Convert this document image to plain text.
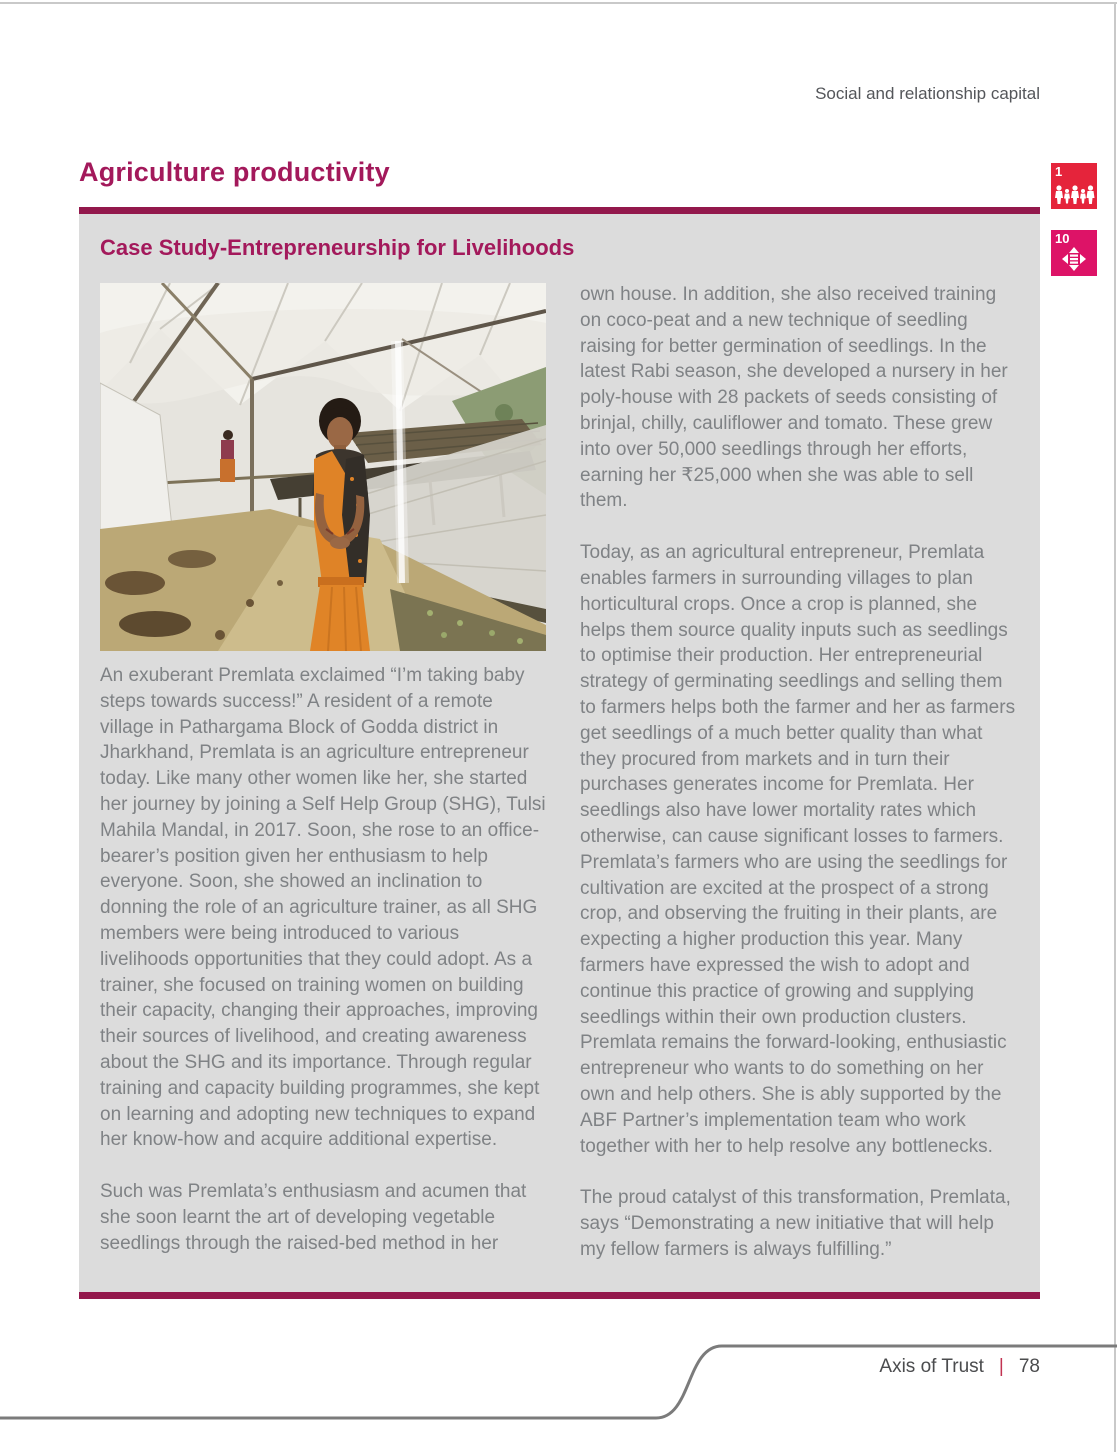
Social and relationship capital
Agriculture productivity
Case Study-Entrepreneurship for Livelihoods

An exuberant Premlata exclaimed “I’m taking baby steps towards success!” A resident of a remote village in Pathargama Block of Godda district in Jharkhand, Premlata is an agriculture entrepreneur today. Like many other women like her, she started her journey by joining a Self Help Group (SHG), Tulsi Mahila Mandal, in 2017. Soon, she rose to an office-bearer’s position given her enthusiasm to help everyone. Soon, she showed an inclination to donning the role of an agriculture trainer, as all SHG members were being introduced to various livelihoods opportunities that they could adopt. As a trainer, she focused on training women on building their capacity, changing their approaches, improving their sources of livelihood, and creating awareness about the SHG and its importance. Through regular training and capacity building programmes, she kept on learning and adopting new techniques to expand her know-how and acquire additional expertise.

Such was Premlata’s enthusiasm and acumen that she soon learnt the art of developing vegetable seedlings through the raised-bed method in her

own house. In addition, she also received training on coco-peat and a new technique of seedling raising for better germination of seedlings. In the latest Rabi season, she developed a nursery in her poly-house with 28 packets of seeds consisting of brinjal, chilly, cauliflower and tomato. These grew into over 50,000 seedlings through her efforts, earning her ₹25,000 when she was able to sell them.

Today, as an agricultural entrepreneur, Premlata enables farmers in surrounding villages to plan horticultural crops. Once a crop is planned, she helps them source quality inputs such as seedlings to optimise their production. Her entrepreneurial strategy of germinating seedlings and selling them to farmers helps both the farmer and her as farmers get seedlings of a much better quality than what they procured from markets and in turn their purchases generates income for Premlata. Her seedlings also have lower mortality rates which otherwise, can cause significant losses to farmers. Premlata’s farmers who are using the seedlings for cultivation are excited at the prospect of a strong crop, and observing the fruiting in their plants, are expecting a higher production this year. Many farmers have expressed the wish to adopt and continue this practice of growing and supplying seedlings within their own production clusters. Premlata remains the forward-looking, enthusiastic entrepreneur who wants to do something on her own and help others. She is ably supported by the ABF Partner’s implementation team who work together with her to help resolve any bottlenecks.

The proud catalyst of this transformation, Premlata, says “Demonstrating a new initiative that will help my fellow farmers is always fulfilling.”

1
10
Axis of Trust | 78
